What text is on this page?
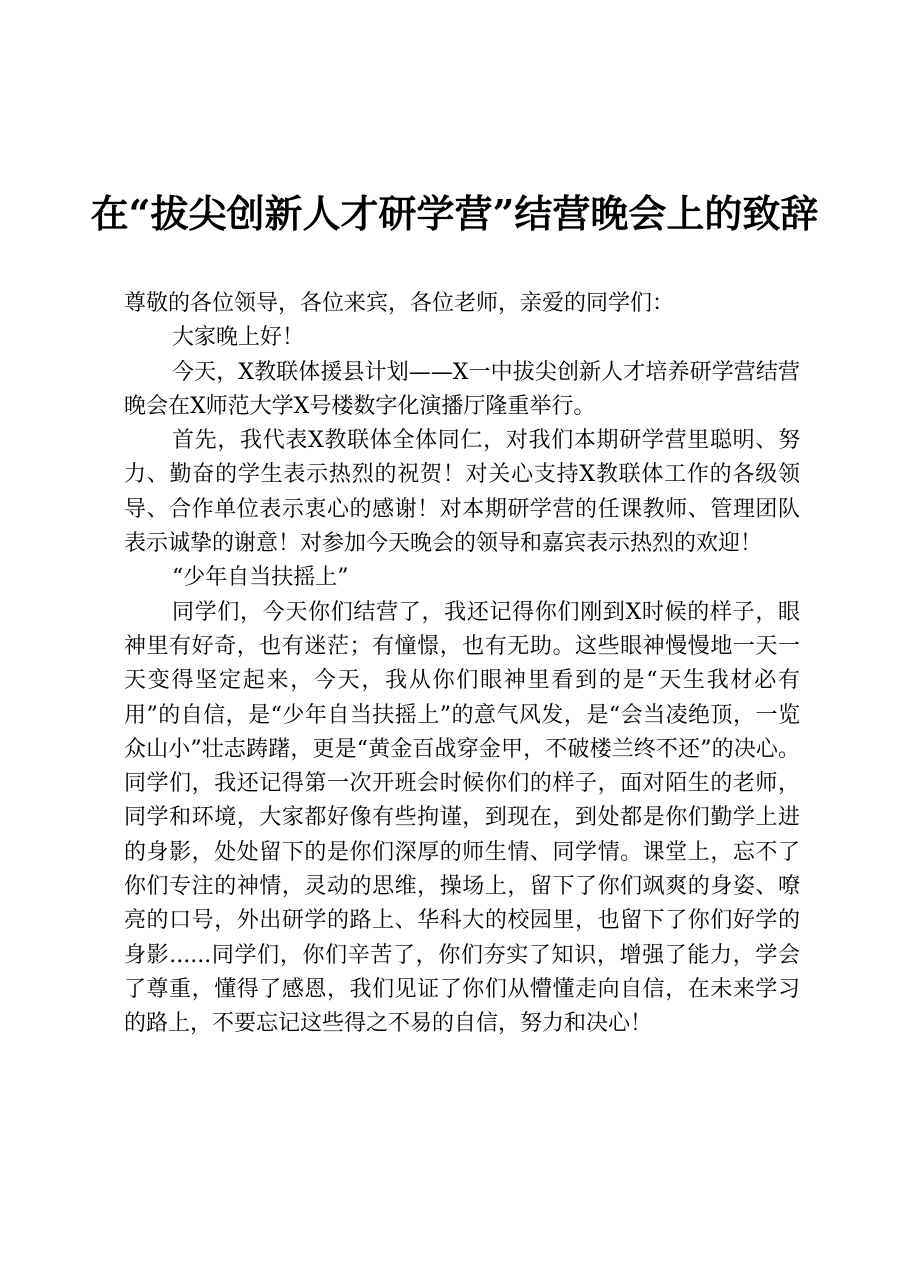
在“拔尖创新人才研学营”结营晚会上的致辞

尊敬的各位领导，各位来宾，各位老师，亲爱的同学们：

大家晚上好！

今天，X教联体援县计划——X一中拔尖创新人才培养研学营结营晚会在X师范大学X号楼数字化演播厅隆重举行。

首先，我代表X教联体全体同仁，对我们本期研学营里聪明、努力、勤奋的学生表示热烈的祝贺！对关心支持X教联体工作的各级领导、合作单位表示衷心的感谢！对本期研学营的任课教师、管理团队表示诚挚的谢意！对参加今天晚会的领导和嘉宾表示热烈的欢迎！

“少年自当扶摇上”

同学们，今天你们结营了，我还记得你们刚到X时候的样子，眼神里有好奇，也有迷茫；有憧憬，也有无助。这些眼神慢慢地一天一天变得坚定起来，今天，我从你们眼神里看到的是“天生我材必有用”的自信，是“少年自当扶摇上”的意气风发，是“会当凌绝顶，一览众山小”壮志踌躇，更是“黄金百战穿金甲，不破楼兰终不还”的决心。同学们，我还记得第一次开班会时候你们的样子，面对陌生的老师，同学和环境，大家都好像有些拘谨，到现在，到处都是你们勤学上进的身影，处处留下的是你们深厚的师生情、同学情。课堂上，忘不了你们专注的神情，灵动的思维，操场上，留下了你们飒爽的身姿、嘹亮的口号，外出研学的路上、华科大的校园里，也留下了你们好学的身影......同学们，你们辛苦了，你们夯实了知识，增强了能力，学会了尊重，懂得了感恩，我们见证了你们从懵懂走向自信，在未来学习的路上，不要忘记这些得之不易的自信，努力和决心！
